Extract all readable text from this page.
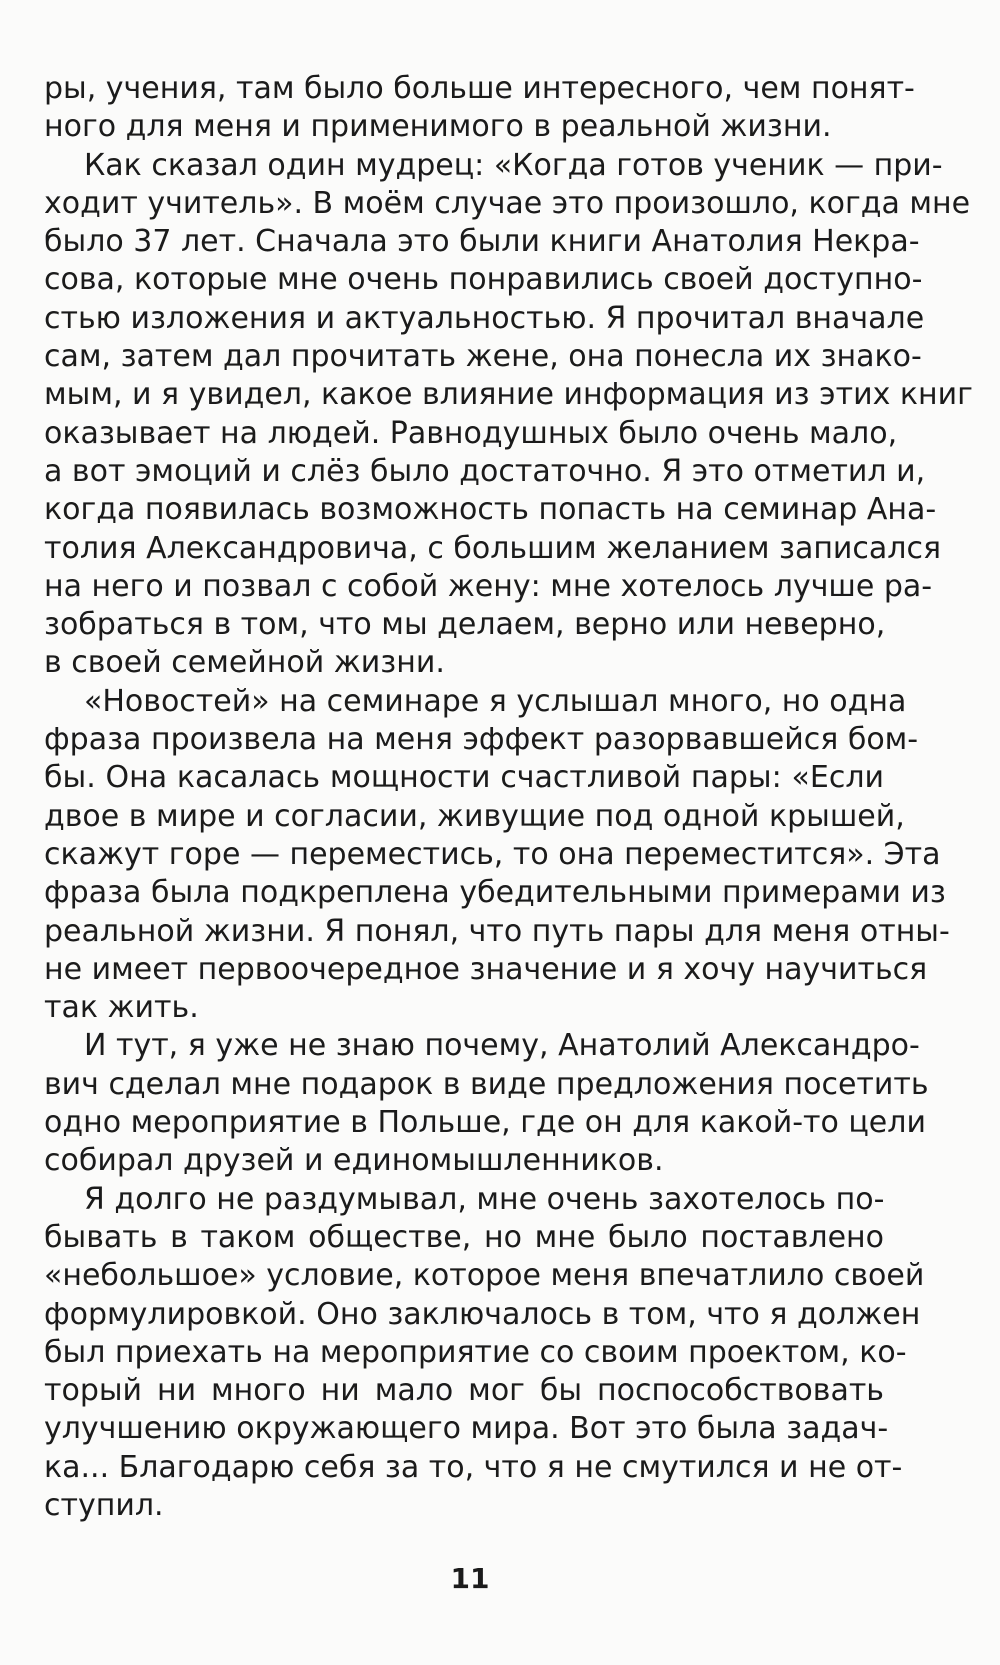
ры, учения, там было больше интересного, чем понят-
ного для меня и применимого в реальной жизни.
Как сказал один мудрец: «Когда готов ученик — при-
ходит учитель». В моём случае это произошло, когда мне
было 37 лет. Сначала это были книги Анатолия Некра-
сова, которые мне очень понравились своей доступно-
стью изложения и актуальностью. Я прочитал вначале
сам, затем дал прочитать жене, она понесла их знако-
мым, и я увидел, какое влияние информация из этих книг
оказывает на людей. Равнодушных было очень мало,
а вот эмоций и слёз было достаточно. Я это отметил и,
когда появилась возможность попасть на семинар Ана-
толия Александровича, с большим желанием записался
на него и позвал с собой жену: мне хотелось лучше ра-
зобраться в том, что мы делаем, верно или неверно,
в своей семейной жизни.
«Новостей» на семинаре я услышал много, но одна
фраза произвела на меня эффект разорвавшейся бом-
бы. Она касалась мощности счастливой пары: «Если
двое в мире и согласии, живущие под одной крышей,
скажут горе — переместись, то она переместится». Эта
фраза была подкреплена убедительными примерами из
реальной жизни. Я понял, что путь пары для меня отны-
не имеет первоочередное значение и я хочу научиться
так жить.
И тут, я уже не знаю почему, Анатолий Александро-
вич сделал мне подарок в виде предложения посетить
одно мероприятие в Польше, где он для какой-то цели
собирал друзей и единомышленников.
Я долго не раздумывал, мне очень захотелось по-
бывать в таком обществе, но мне было поставлено
«небольшое» условие, которое меня впечатлило своей
формулировкой. Оно заключалось в том, что я должен
был приехать на мероприятие со своим проектом, ко-
торый ни много ни мало мог бы поспособствовать
улучшению окружающего мира. Вот это была задач-
ка... Благодарю себя за то, что я не смутился и не от-
ступил.
11
